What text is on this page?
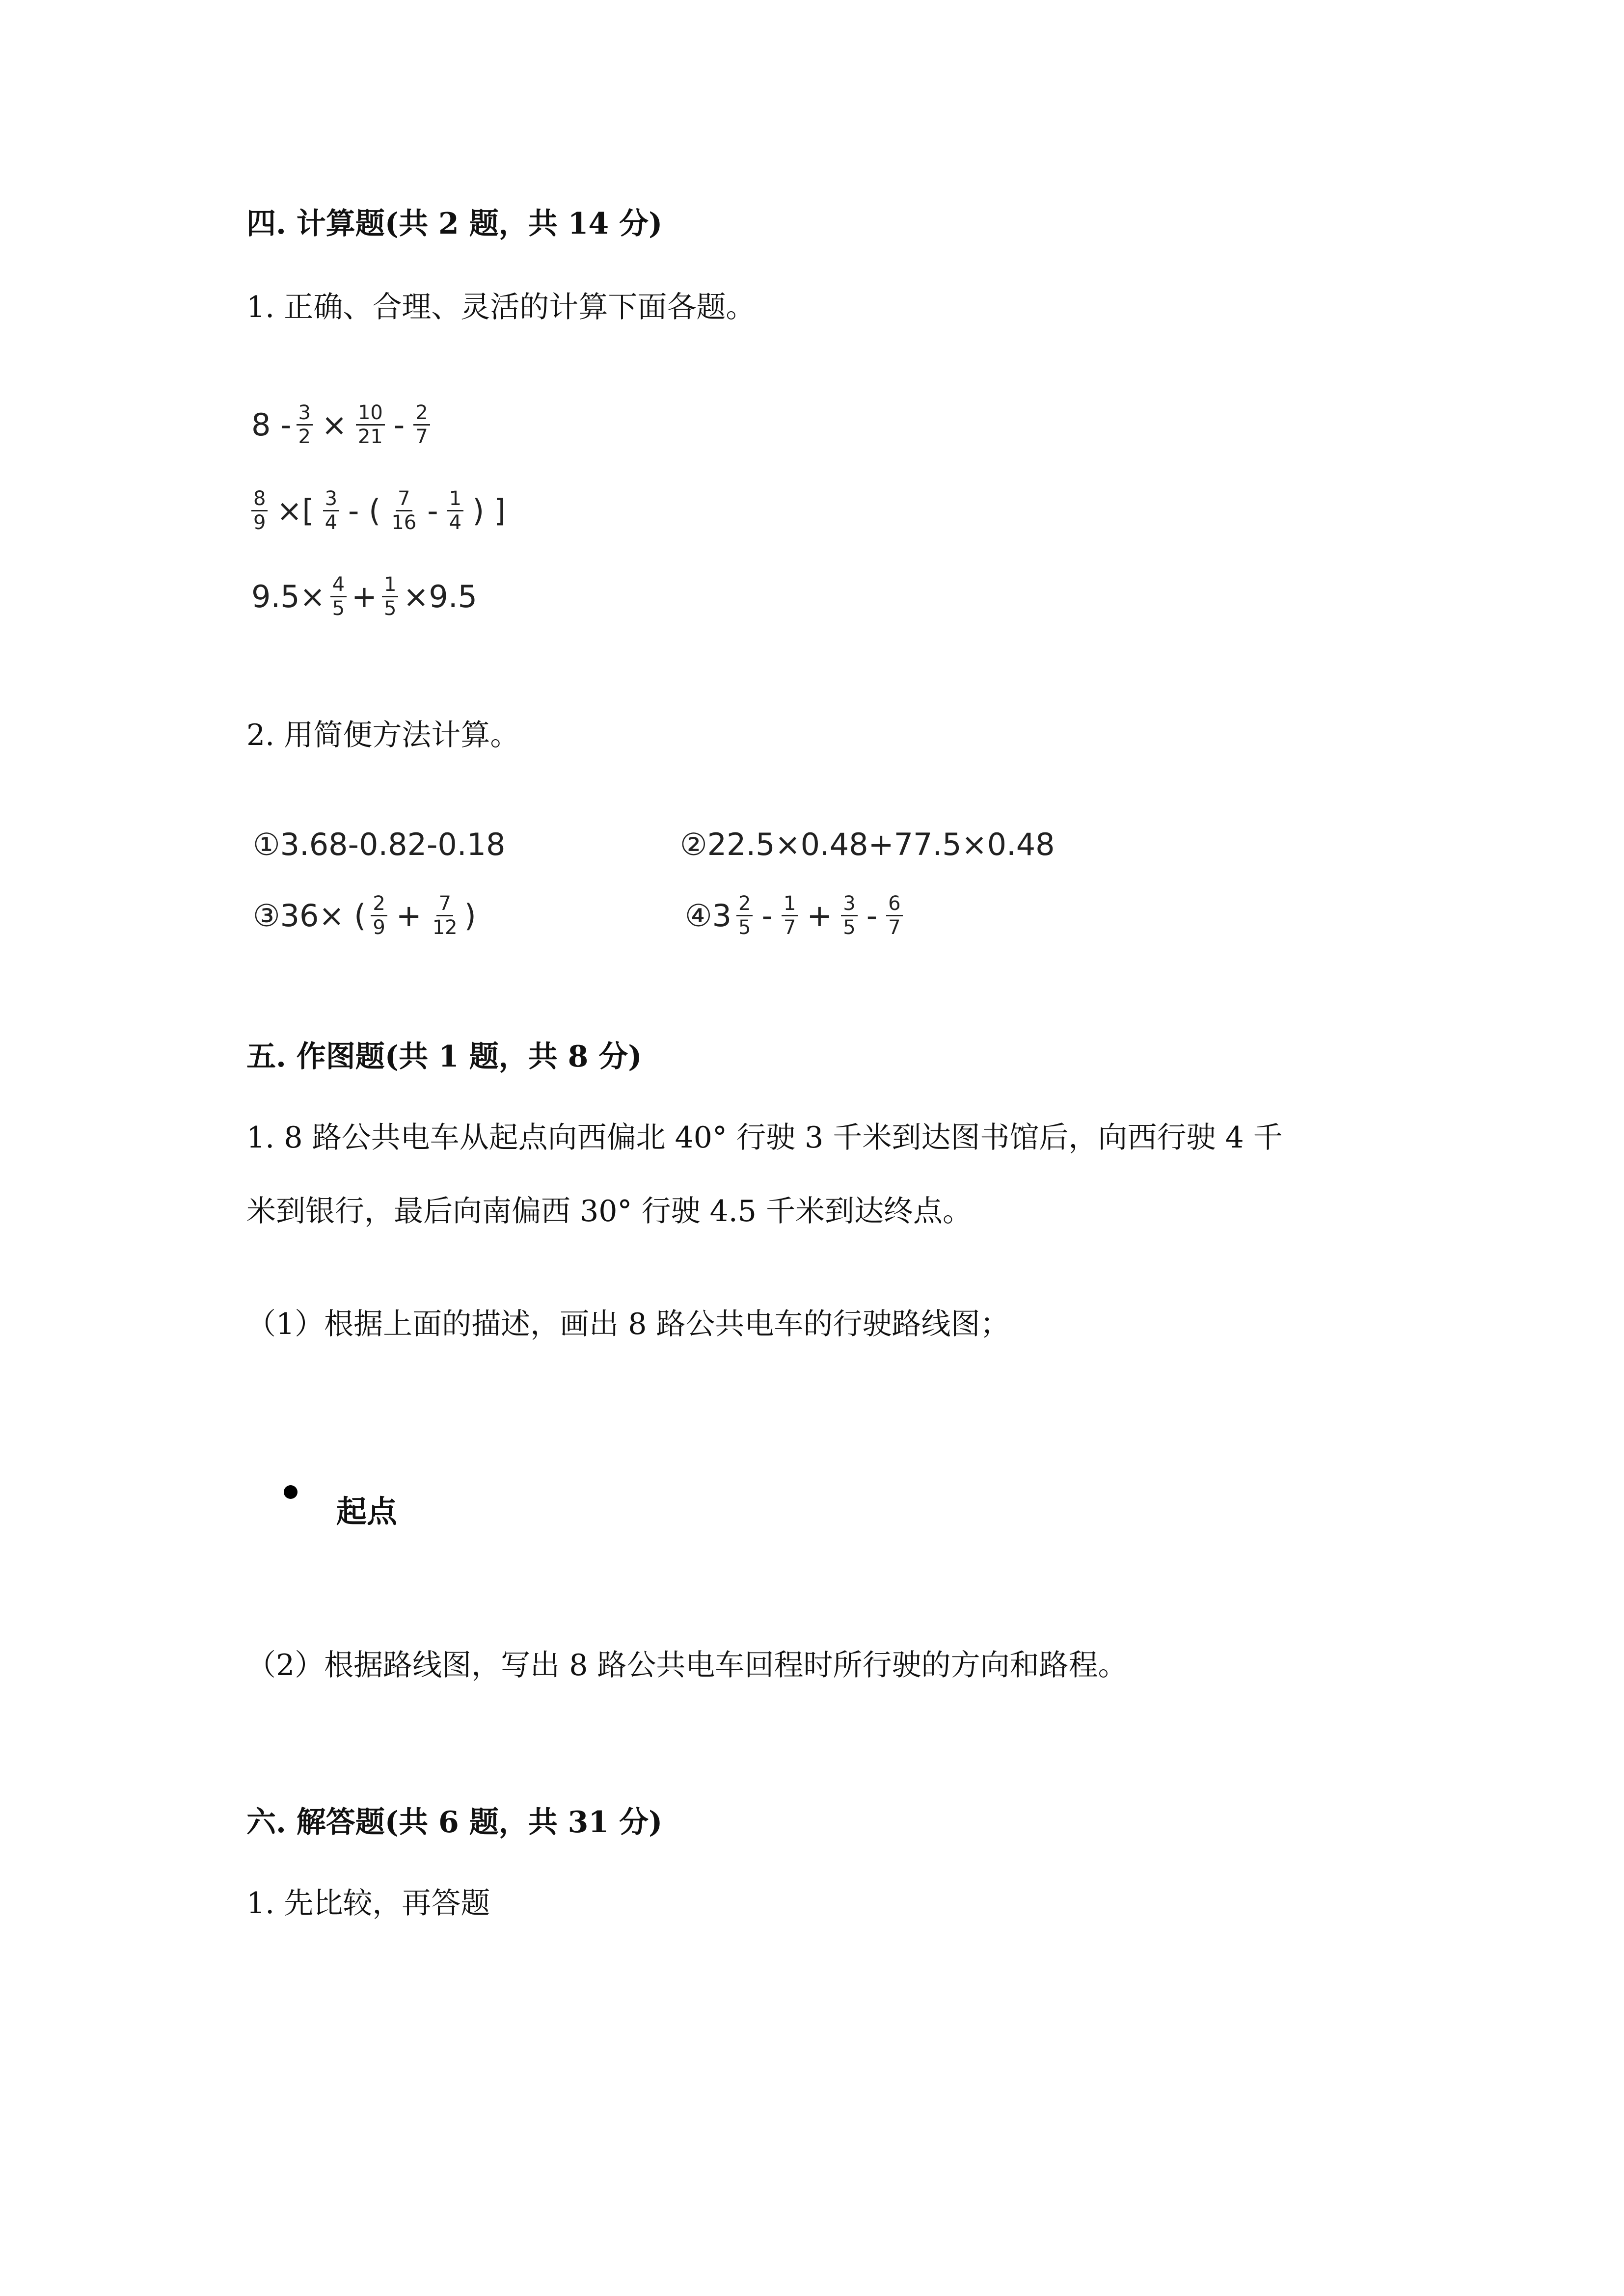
四. 计算题(共 2 题，共 14 分)
1. 正确、合理、灵活的计算下面各题。
$8 - \frac{3}{2} \times \frac{10}{21} - \frac{2}{7}$
$\frac{8}{9}$ ×[ $\frac{3}{4}$ - ( $\frac{7}{16} - \frac{1}{4}$ ) ]
$9.5\times \frac{4}{5} + \frac{1}{5} \times 9.5$
2. 用简便方法计算。
①3.68-0.82-0.18	②22.5×0.48+77.5×0.48
③36× ( $\frac{2}{9} + \frac{7}{12}$ )	④3 $\frac{2}{5} - \frac{1}{7} + \frac{3}{5} - \frac{6}{7}$
五. 作图题(共 1 题，共 8 分)
1. 8 路公共电车从起点向西偏北 40° 行驶 3 千米到达图书馆后，向西行驶 4 千
米到银行，最后向南偏西 30° 行驶 4.5 千米到达终点。
（1）根据上面的描述，画出 8 路公共电车的行驶路线图；
起点
（2）根据路线图，写出 8 路公共电车回程时所行驶的方向和路程。
六. 解答题(共 6 题，共 31 分)
1. 先比较，再答题
